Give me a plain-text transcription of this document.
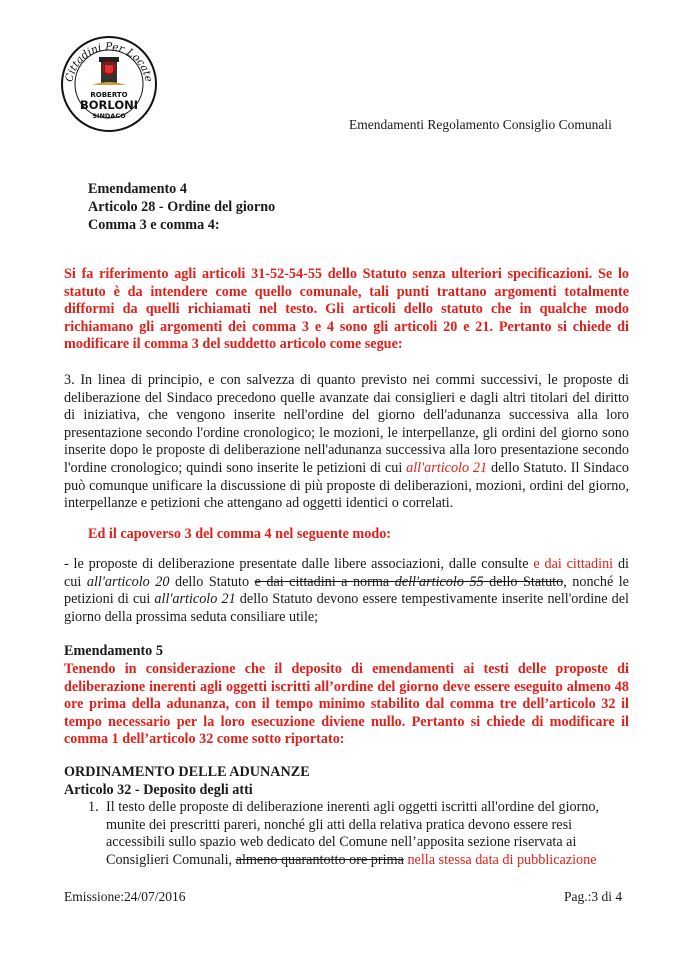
Cittadini Per Locate
ROBERTO
BORLONI
SINDACO
Emendamenti Regolamento Consiglio Comunali
Emendamento 4
Articolo 28 - Ordine del giorno
Comma 3 e comma 4:
Si fa riferimento agli articoli 31-52-54-55 dello Statuto senza ulteriori specificazioni. Se lo statuto è da intendere come quello comunale, tali punti trattano argomenti totalmente difformi da quelli richiamati nel testo. Gli articoli dello statuto che in qualche modo richiamano gli argomenti dei comma 3 e 4 sono gli articoli 20 e 21. Pertanto si chiede di modificare il comma 3 del suddetto articolo come segue:
3. In linea di principio, e con salvezza di quanto previsto nei commi successivi, le proposte di deliberazione del Sindaco precedono quelle avanzate dai consiglieri e dagli altri titolari del diritto di iniziativa, che vengono inserite nell'ordine del giorno dell'adunanza successiva alla loro presentazione secondo l'ordine cronologico; le mozioni, le interpellanze, gli ordini del giorno sono inserite dopo le proposte di deliberazione nell'adunanza successiva alla loro presentazione secondo l'ordine cronologico; quindi sono inserite le petizioni di cui all'articolo 21 dello Statuto. Il Sindaco può comunque unificare la discussione di più proposte di deliberazioni, mozioni, ordini del giorno, interpellanze e petizioni che attengano ad oggetti identici o correlati.
Ed il capoverso 3 del comma 4 nel seguente modo:
- le proposte di deliberazione presentate dalle libere associazioni, dalle consulte e dai cittadini di cui all'articolo 20 dello Statuto e dai cittadini a norma dell'articolo 55 dello Statuto, nonché le petizioni di cui all'articolo 21 dello Statuto devono essere tempestivamente inserite nell'ordine del giorno della prossima seduta consiliare utile;
Emendamento 5
Tenendo in considerazione che il deposito di emendamenti ai testi delle proposte di deliberazione inerenti agli oggetti iscritti all’ordine del giorno deve essere eseguito almeno 48 ore prima della adunanza, con il tempo minimo stabilito dal comma tre dell’articolo 32 il tempo necessario per la loro esecuzione diviene nullo. Pertanto si chiede di modificare il comma 1 dell’articolo 32 come sotto riportato:
ORDINAMENTO DELLE ADUNANZE
Articolo 32 - Deposito degli atti
1. Il testo delle proposte di deliberazione inerenti agli oggetti iscritti all'ordine del giorno, munite dei prescritti pareri, nonché gli atti della relativa pratica devono essere resi accessibili sullo spazio web dedicato del Comune nell’apposita sezione riservata ai Consiglieri Comunali, almeno quarantotto ore prima nella stessa data di pubblicazione
Emissione:24/07/2016	Pag.:3 di 4
